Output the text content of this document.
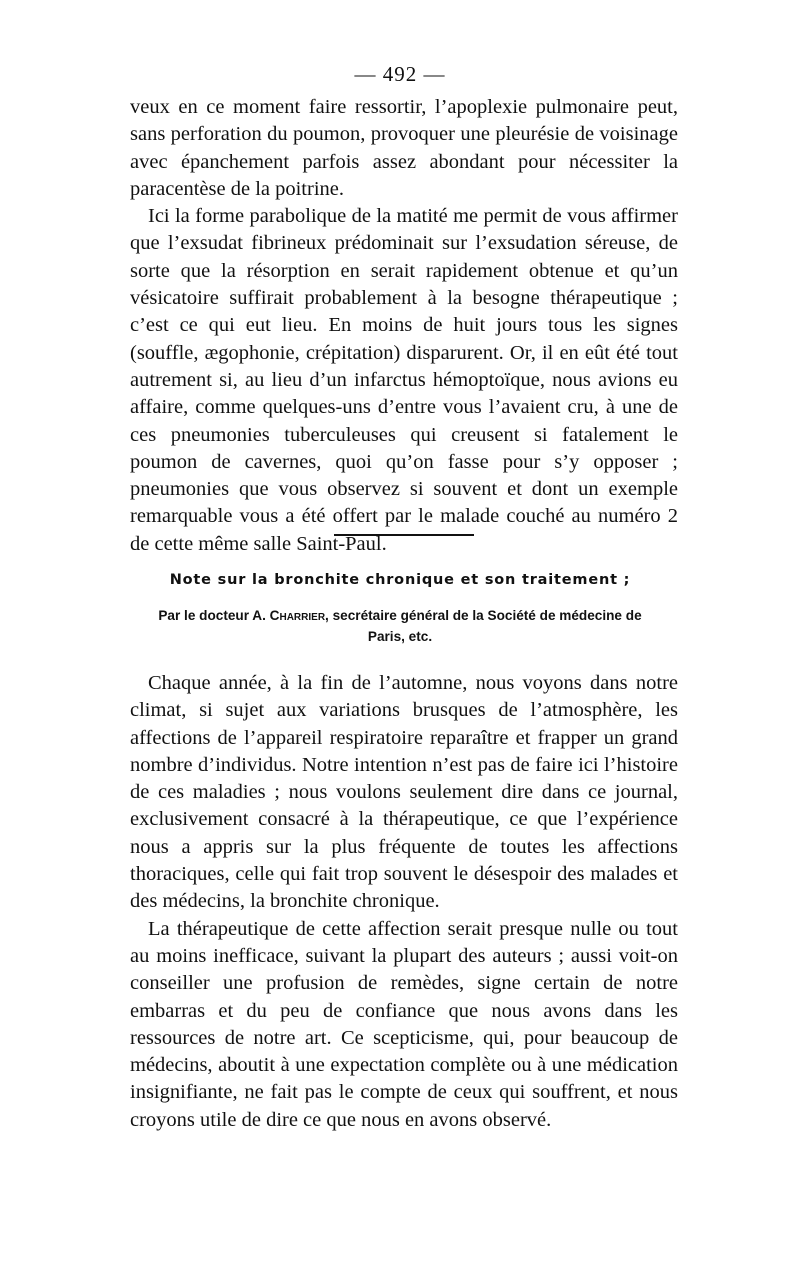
— 492 —

veux en ce moment faire ressortir, l’apoplexie pulmonaire peut, sans perforation du poumon, provoquer une pleurésie de voisinage avec épanchement parfois assez abondant pour nécessiter la paracentèse de la poitrine.

Ici la forme parabolique de la matité me permit de vous affirmer que l’exsudat fibrineux prédominait sur l’exsudation séreuse, de sorte que la résorption en serait rapidement obtenue et qu’un vésicatoire suffirait probablement à la besogne thérapeutique ; c’est ce qui eut lieu. En moins de huit jours tous les signes (souffle, ægophonie, crépitation) disparurent. Or, il en eût été tout autrement si, au lieu d’un infarctus hémoptoïque, nous avions eu affaire, comme quelques-uns d’entre vous l’avaient cru, à une de ces pneumonies tuberculeuses qui creusent si fatalement le poumon de cavernes, quoi qu’on fasse pour s’y opposer ; pneumonies que vous observez si souvent et dont un exemple remarquable vous a été offert par le malade couché au numéro 2 de cette même salle Saint-Paul.

Note sur la bronchite chronique et son traitement ;
Par le docteur A. Charrier, secrétaire général de la Société de médecine de Paris, etc.

Chaque année, à la fin de l’automne, nous voyons dans notre climat, si sujet aux variations brusques de l’atmosphère, les affections de l’appareil respiratoire reparaître et frapper un grand nombre d’individus. Notre intention n’est pas de faire ici l’histoire de ces maladies ; nous voulons seulement dire dans ce journal, exclusivement consacré à la thérapeutique, ce que l’expérience nous a appris sur la plus fréquente de toutes les affections thoraciques, celle qui fait trop souvent le désespoir des malades et des médecins, la bronchite chronique.

La thérapeutique de cette affection serait presque nulle ou tout au moins inefficace, suivant la plupart des auteurs ; aussi voit-on conseiller une profusion de remèdes, signe certain de notre embarras et du peu de confiance que nous avons dans les ressources de notre art. Ce scepticisme, qui, pour beaucoup de médecins, aboutit à une expectation complète ou à une médication insignifiante, ne fait pas le compte de ceux qui souffrent, et nous croyons utile de dire ce que nous en avons observé.
